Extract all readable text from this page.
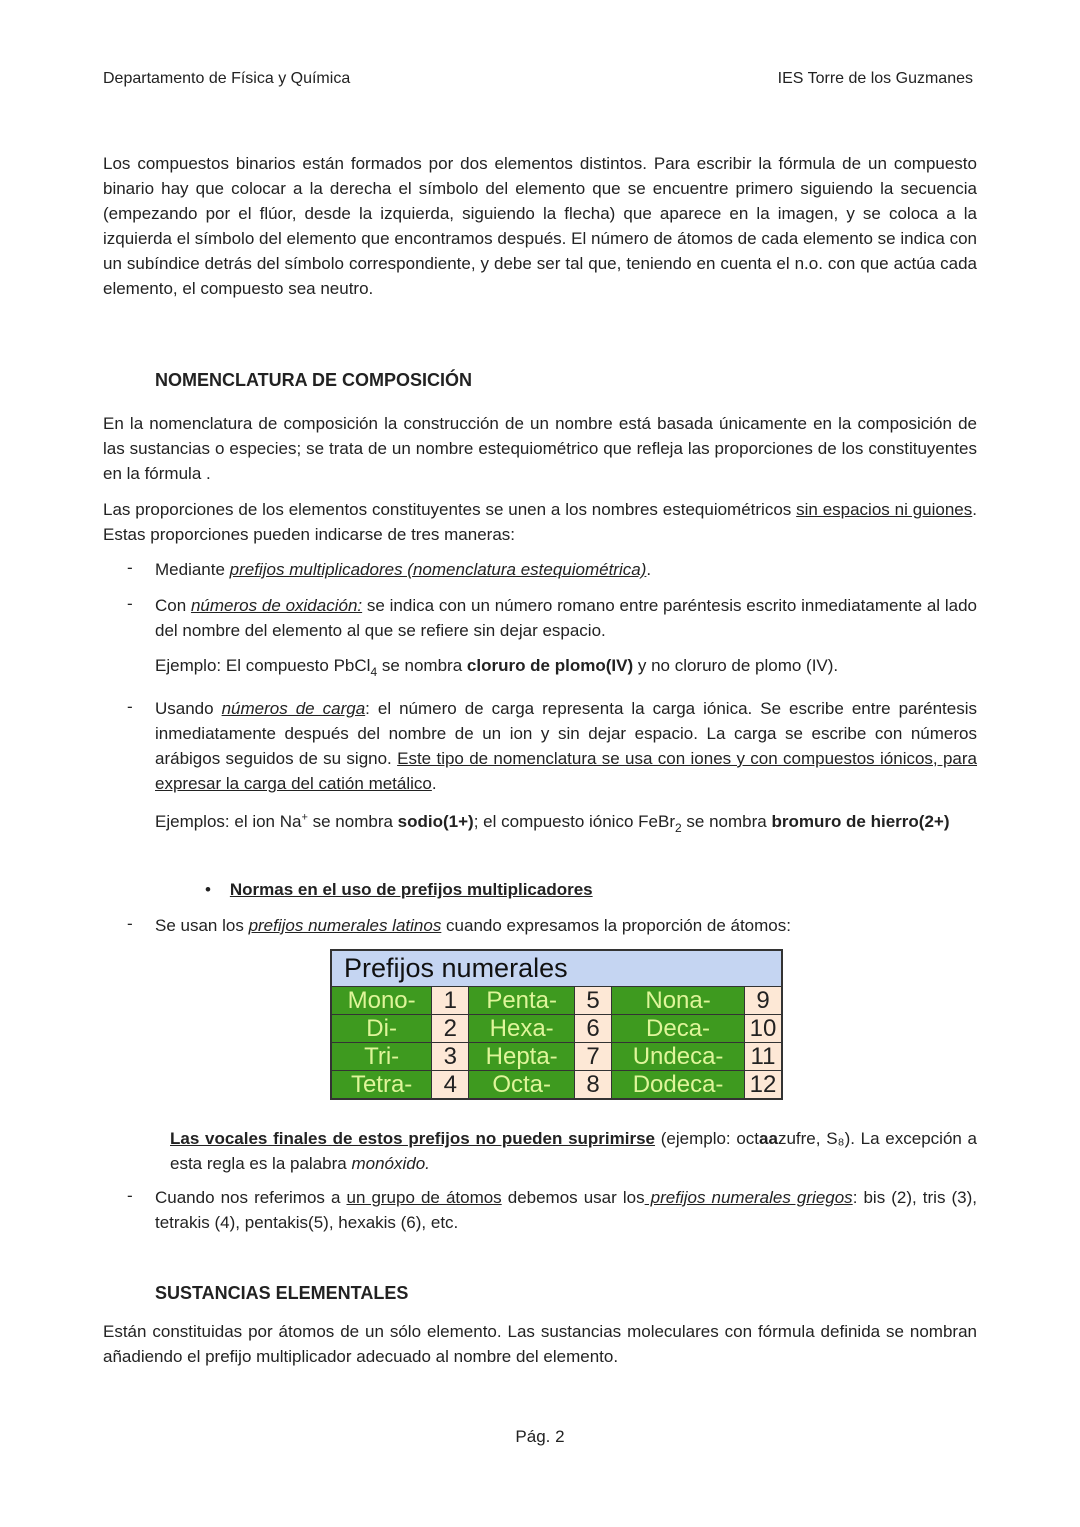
Departamento de Física y Química	IES Torre de los Guzmanes
Los compuestos binarios están formados por dos elementos distintos. Para escribir la fórmula de un compuesto binario hay que colocar a la derecha el símbolo del elemento que se encuentre primero siguiendo la secuencia (empezando por el flúor, desde la izquierda, siguiendo la flecha) que aparece en la imagen, y se coloca a la izquierda el símbolo del elemento que encontramos después. El número de átomos de cada elemento se indica con un subíndice detrás del símbolo correspondiente, y debe ser tal que, teniendo en cuenta el n.o. con que actúa cada elemento, el compuesto sea neutro.
NOMENCLATURA DE COMPOSICIÓN
En la nomenclatura de composición la construcción de un nombre está basada únicamente en la composición de las sustancias o especies; se trata de un nombre estequiométrico que refleja las proporciones de los constituyentes en la fórmula .
Las proporciones de los elementos constituyentes se unen a los nombres estequiométricos sin espacios ni guiones. Estas proporciones pueden indicarse de tres maneras:
- Mediante prefijos multiplicadores (nomenclatura estequiométrica).
- Con números de oxidación: se indica con un número romano entre paréntesis escrito inmediatamente al lado del nombre del elemento al que se refiere sin dejar espacio.
Ejemplo: El compuesto PbCl$_4$ se nombra cloruro de plomo(IV) y no cloruro de plomo (IV).
- Usando números de carga: el número de carga representa la carga iónica. Se escribe entre paréntesis inmediatamente después del nombre de un ion y sin dejar espacio. La carga se escribe con números arábigos seguidos de su signo. Este tipo de nomenclatura se usa con iones y con compuestos iónicos, para expresar la carga del catión metálico.
Ejemplos: el ion Na+ se nombra sodio(1+); el compuesto iónico FeBr$_2$ se nombra bromuro de hierro(2+)
• Normas en el uso de prefijos multiplicadores
- Se usan los prefijos numerales latinos cuando expresamos la proporción de átomos:
Prefijos numerales					
Mono-	1	Penta-	5	Nona-	9
Di-	2	Hexa-	6	Deca-	10
Tri-	3	Hepta-	7	Undeca-	11
Tetra-	4	Octa-	8	Dodeca-	12
Las vocales finales de estos prefijos no pueden suprimirse (ejemplo: octaazufre, S₈). La excepción a esta regla es la palabra monóxido.
- Cuando nos referimos a un grupo de átomos debemos usar los prefijos numerales griegos: bis (2), tris (3), tetrakis (4), pentakis(5), hexakis (6), etc.
SUSTANCIAS ELEMENTALES
Están constituidas por átomos de un sólo elemento. Las sustancias moleculares con fórmula definida se nombran añadiendo el prefijo multiplicador adecuado al nombre del elemento.
Pág. 2
